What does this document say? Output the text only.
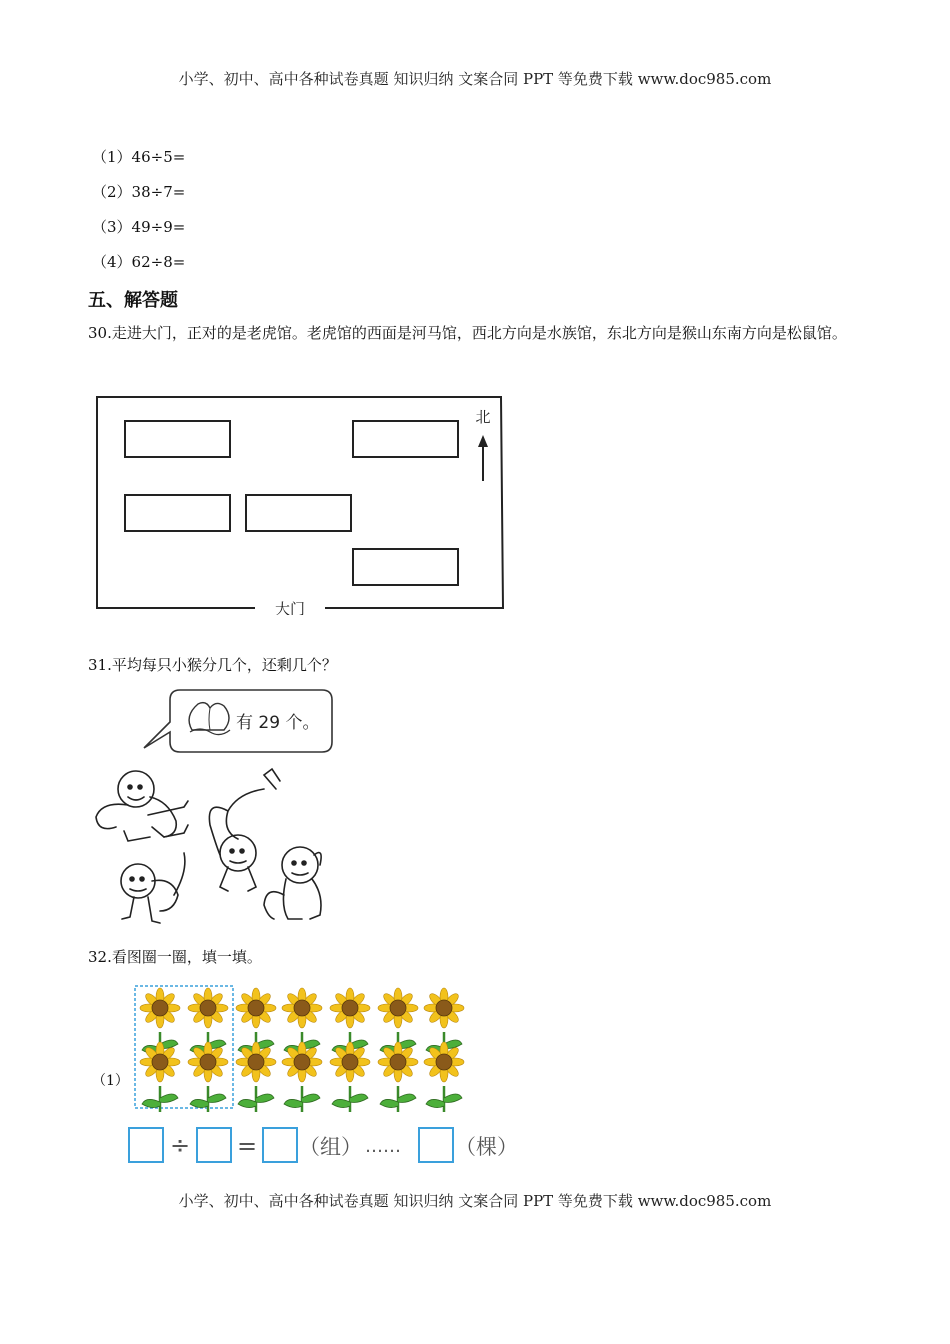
小学、初中、高中各种试卷真题 知识归纳 文案合同 PPT 等免费下载 www.doc985.com
（1）46÷5=
（2）38÷7=
（3）49÷9=
（4）62÷8=
五、解答题
30.走进大门，正对的是老虎馆。老虎馆的西面是河马馆，西北方向是水族馆，东北方向是猴山东南方向是松鼠馆。
北
大门
31.平均每只小猴分几个，还剩几个？
有 29 个。
32.看图圈一圈，填一填。
（1）
÷ = （组） ……	（棵）
小学、初中、高中各种试卷真题 知识归纳 文案合同 PPT 等免费下载 www.doc985.com
